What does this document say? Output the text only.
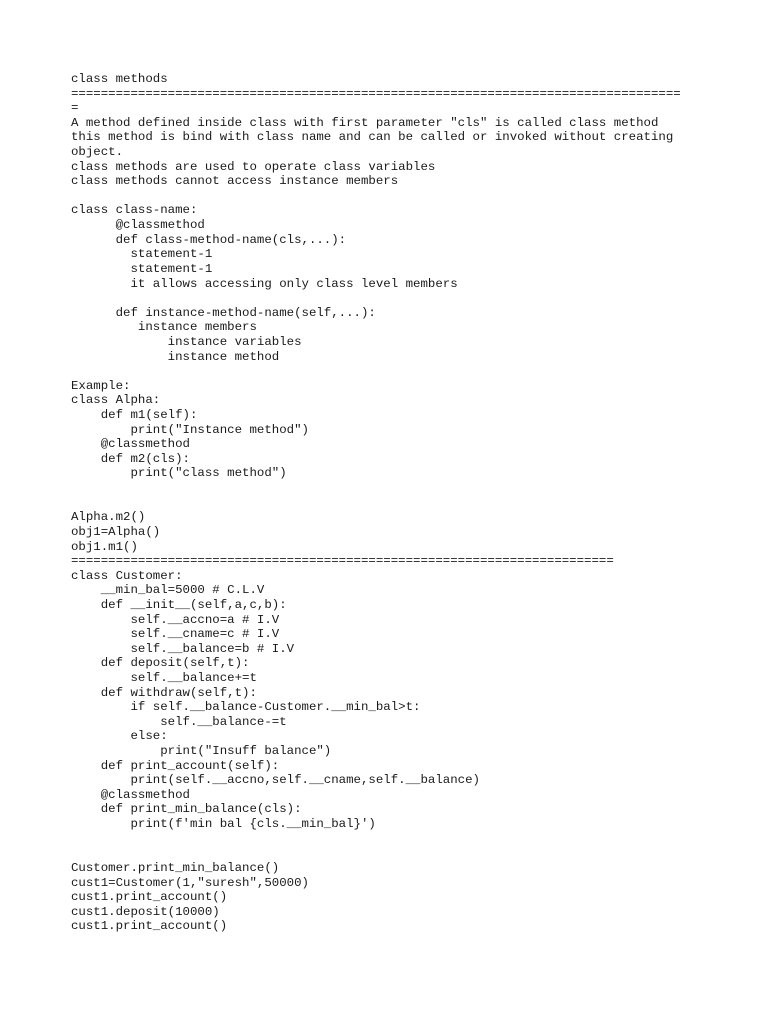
class methods
==================================================================================
=
A method defined inside class with first parameter "cls" is called class method
this method is bind with class name and can be called or invoked without creating
object.
class methods are used to operate class variables
class methods cannot access instance members
class class-name:
@classmethod
def class-method-name(cls,...):
statement-1
statement-1
it allows accessing only class level members
def instance-method-name(self,...):
instance members
instance variables
instance method
Example:
class Alpha:
def m1(self):
print("Instance method")
@classmethod
def m2(cls):
print("class method")
Alpha.m2()
obj1=Alpha()
obj1.m1()
=========================================================================
class Customer:
__min_bal=5000 # C.L.V
def __init__(self,a,c,b):
self.__accno=a # I.V
self.__cname=c # I.V
self.__balance=b # I.V
def deposit(self,t):
self.__balance+=t
def withdraw(self,t):
if self.__balance-Customer.__min_bal>t:
self.__balance-=t
else:
print("Insuff balance")
def print_account(self):
print(self.__accno,self.__cname,self.__balance)
@classmethod
def print_min_balance(cls):
print(f'min bal {cls.__min_bal}')
Customer.print_min_balance()
cust1=Customer(1,"suresh",50000)
cust1.print_account()
cust1.deposit(10000)
cust1.print_account()
